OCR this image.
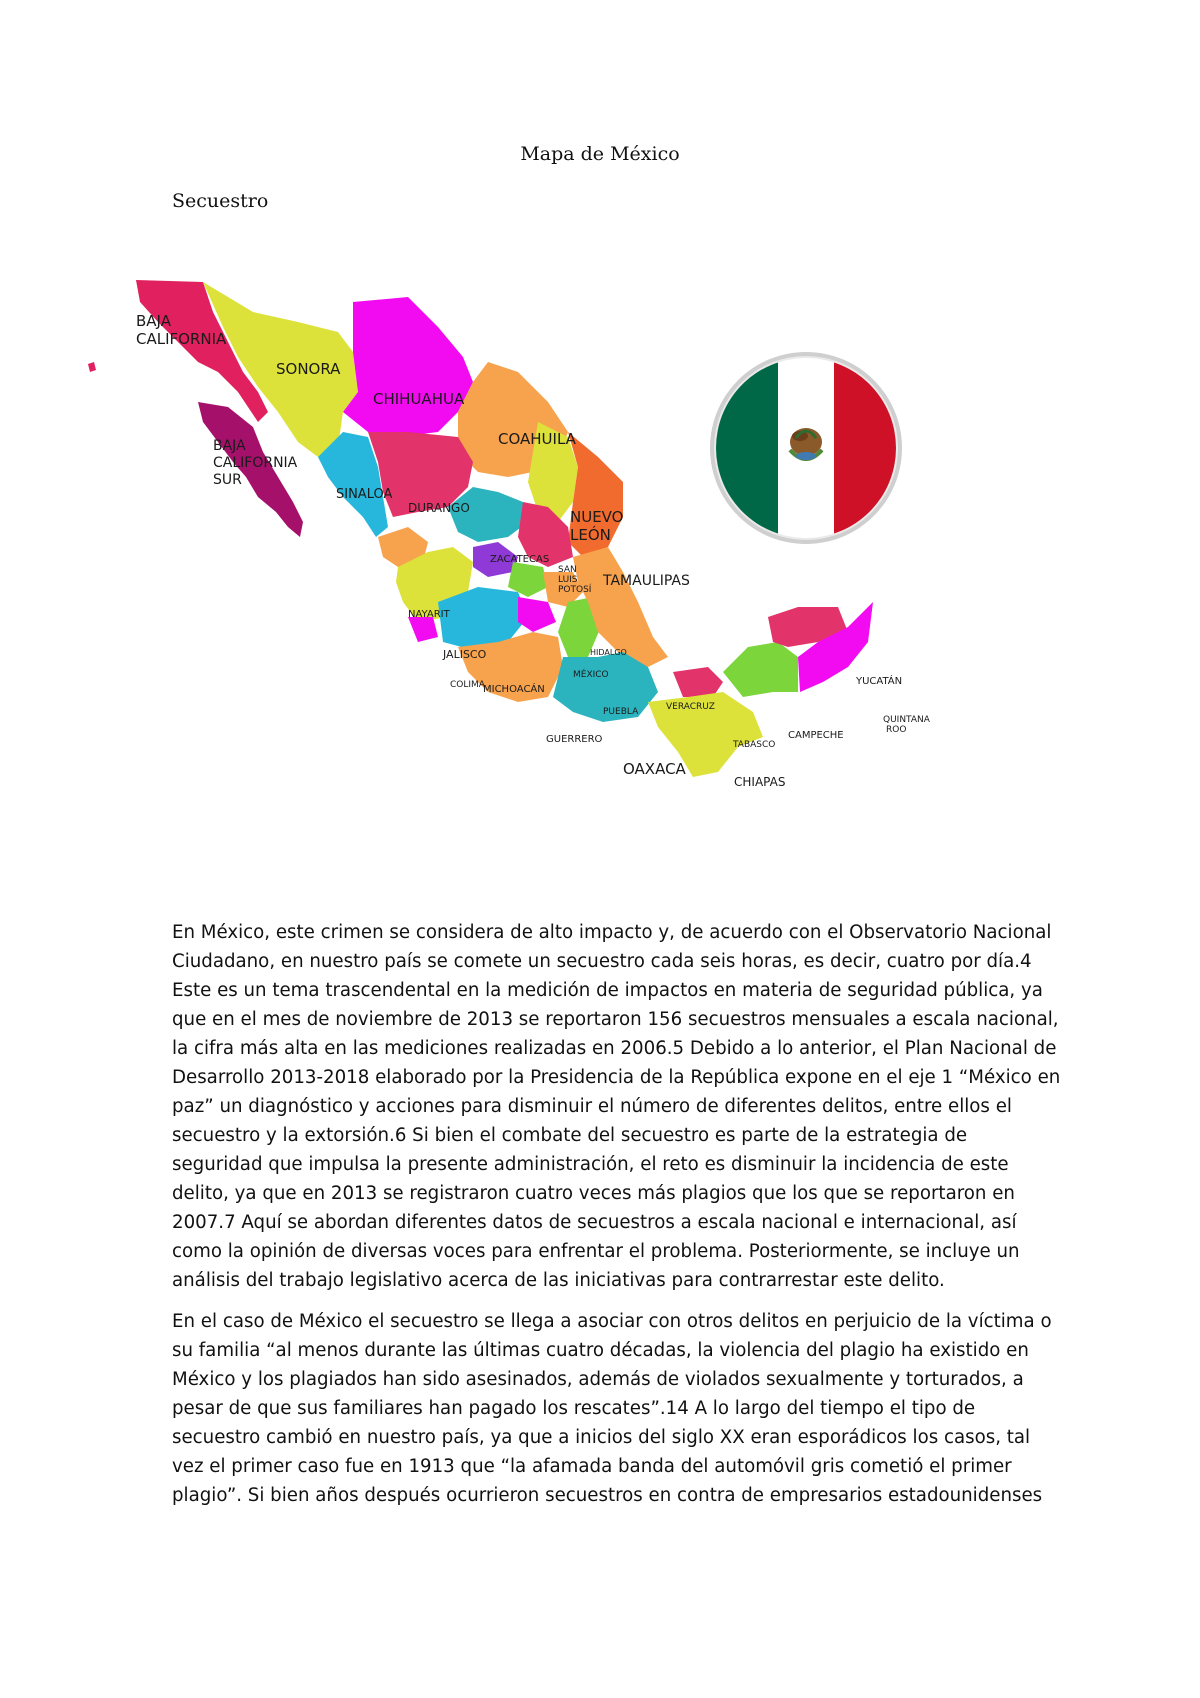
Mapa de México
Secuestro
BAJA CALIFORNIA
BAJA CALIFORNIA SUR
SONORA
CHIHUAHUA
COAHUILA
SINALOA
DURANGO	NUEVO LEÓN
ZACATECAS
SAN LUIS POTOSÍ
TAMAULIPAS
NAYARIT
JALISCO
COLIMA
MICHOACÁN
HIDALGO
MÉXICO
VERACRUZ
PUEBLA
GUERRERO
OAXACA
TABASCO
CHIAPAS
CAMPECHE
YUCATÁN
QUINTANA ROO

En México, este crimen se considera de alto impacto y, de acuerdo con el Observatorio Nacional Ciudadano, en nuestro país se comete un secuestro cada seis horas, es decir, cuatro por día.4 Este es un tema trascendental en la medición de impactos en materia de seguridad pública, ya que en el mes de noviembre de 2013 se reportaron 156 secuestros mensuales a escala nacional, la cifra más alta en las mediciones realizadas en 2006.5 Debido a lo anterior, el Plan Nacional de Desarrollo 2013-2018 elaborado por la Presidencia de la República expone en el eje 1 “México en paz” un diagnóstico y acciones para disminuir el número de diferentes delitos, entre ellos el secuestro y la extorsión.6 Si bien el combate del secuestro es parte de la estrategia de seguridad que impulsa la presente administración, el reto es disminuir la incidencia de este delito, ya que en 2013 se registraron cuatro veces más plagios que los que se reportaron en 2007.7 Aquí se abordan diferentes datos de secuestros a escala nacional e internacional, así como la opinión de diversas voces para enfrentar el problema. Posteriormente, se incluye un análisis del trabajo legislativo acerca de las iniciativas para contrarrestar este delito.

En el caso de México el secuestro se llega a asociar con otros delitos en perjuicio de la víctima o su familia “al menos durante las últimas cuatro décadas, la violencia del plagio ha existido en México y los plagiados han sido asesinados, además de violados sexualmente y torturados, a pesar de que sus familiares han pagado los rescates”.14 A lo largo del tiempo el tipo de secuestro cambió en nuestro país, ya que a inicios del siglo XX eran esporádicos los casos, tal vez el primer caso fue en 1913 que “la afamada banda del automóvil gris cometió el primer plagio”. Si bien años después ocurrieron secuestros en contra de empresarios estadounidenses
